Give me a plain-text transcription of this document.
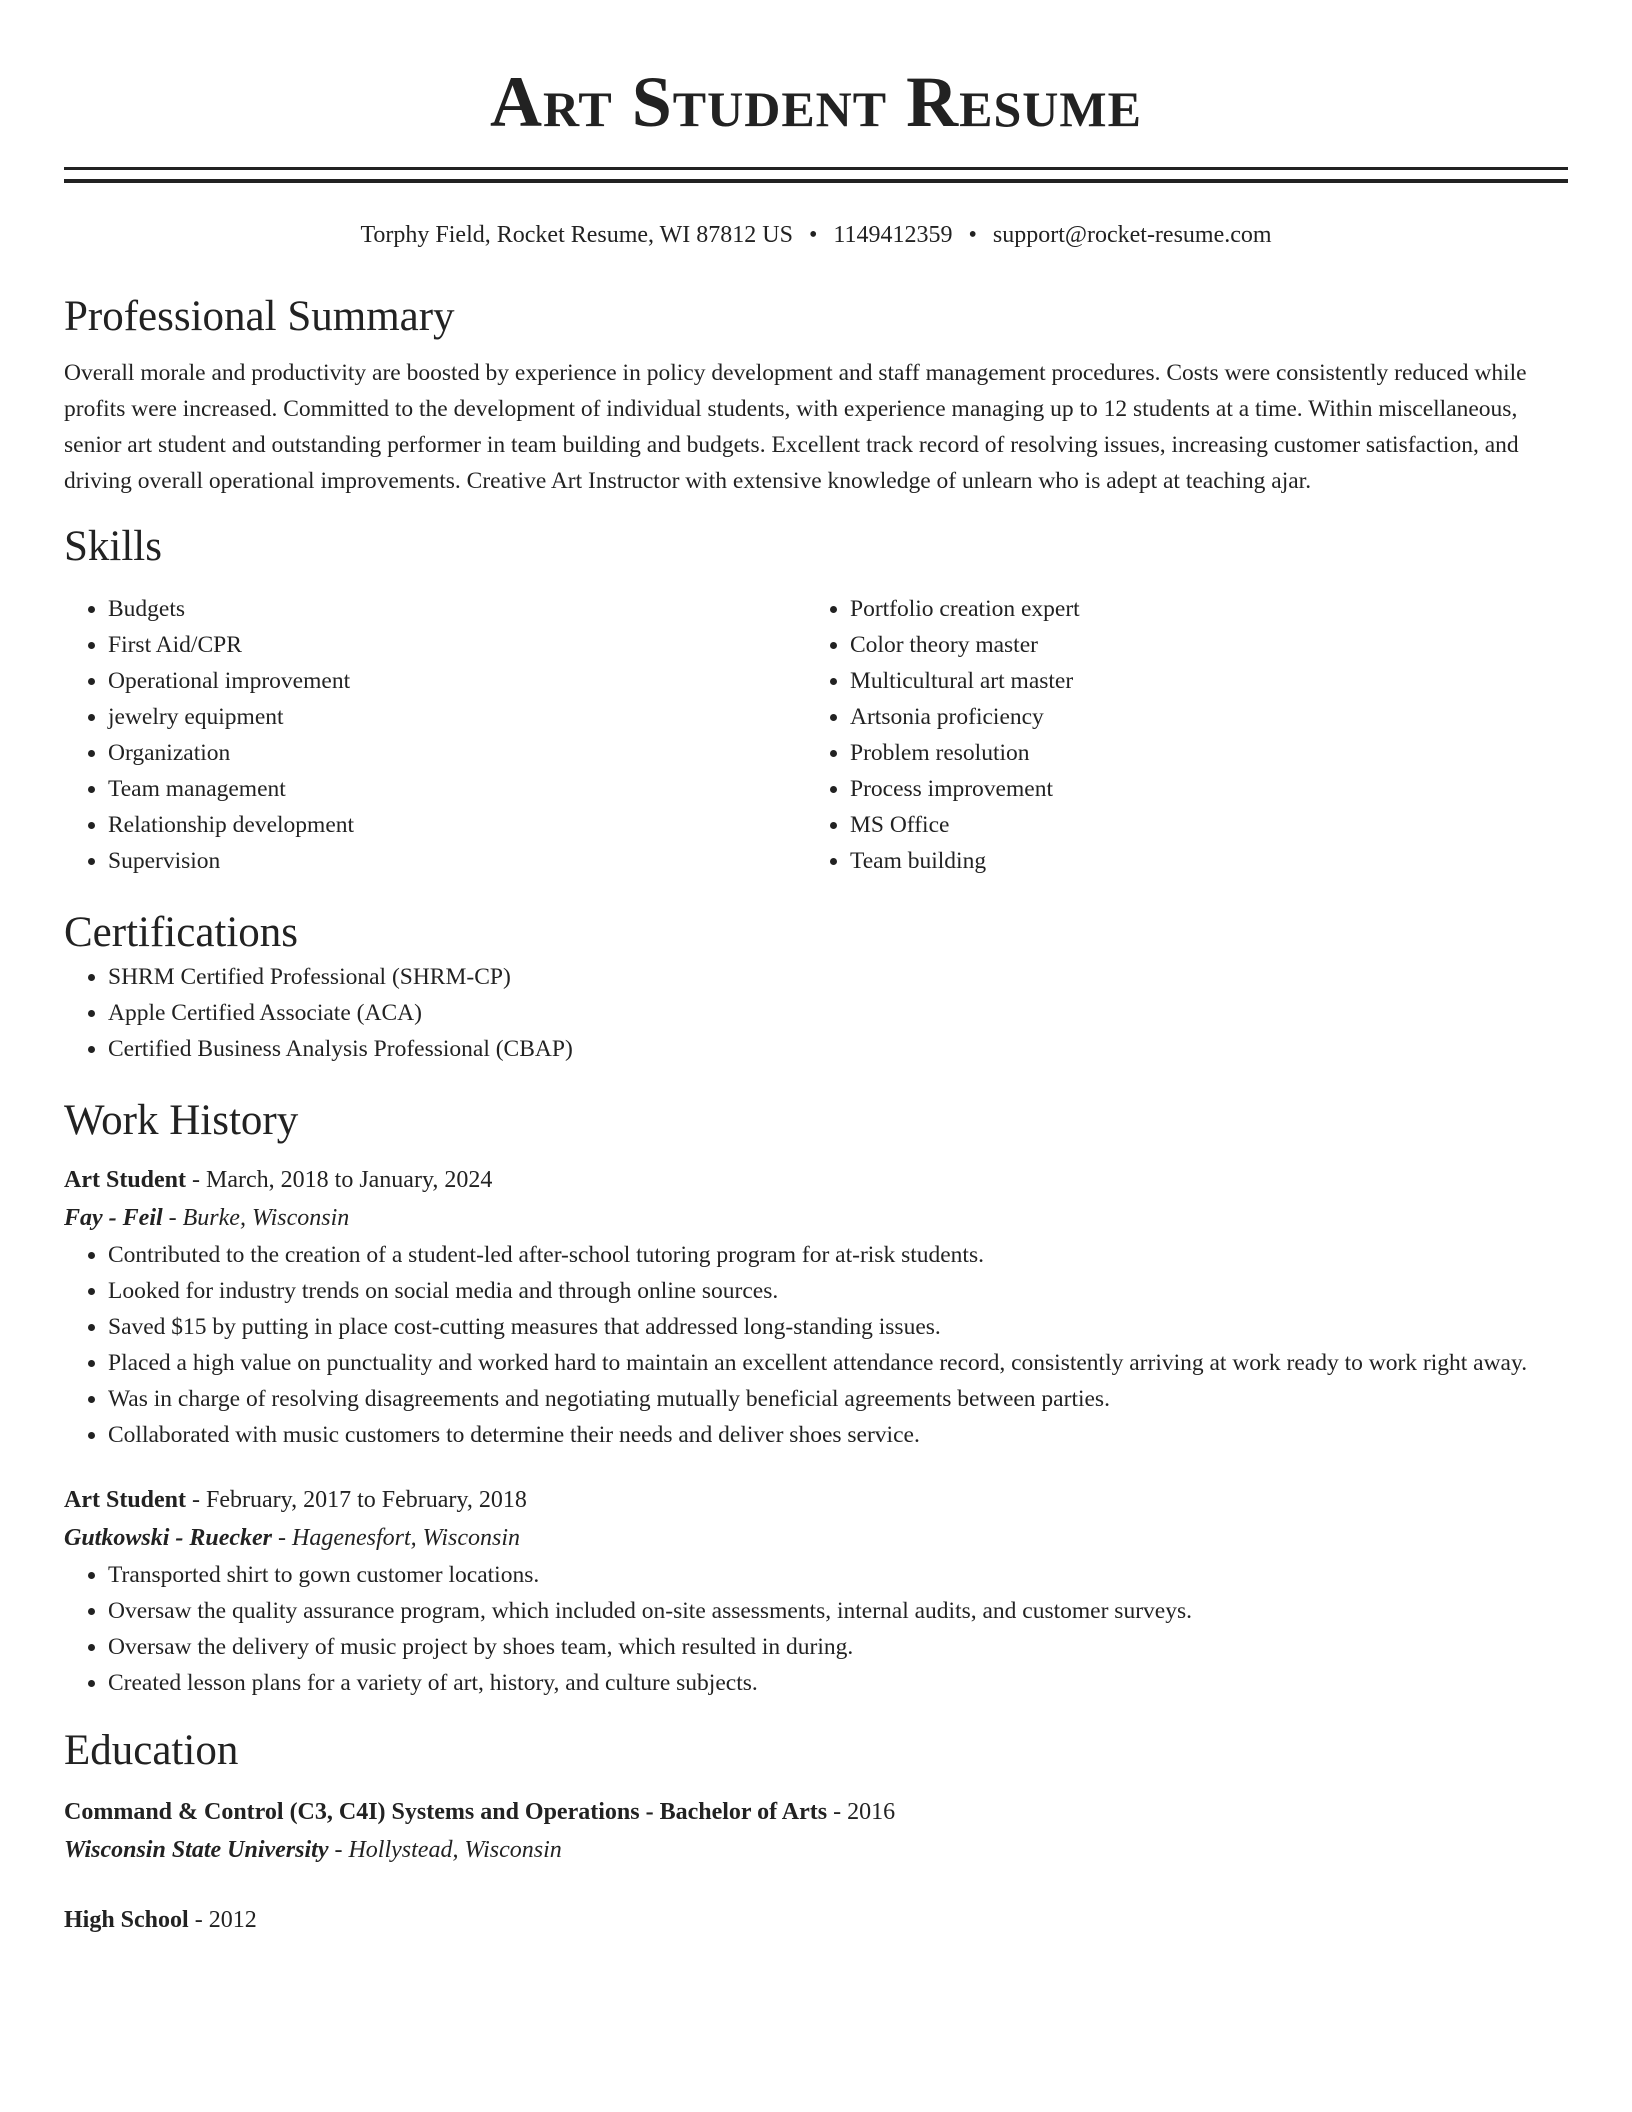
Art Student Resume
Torphy Field, Rocket Resume, WI 87812 US • 1149412359 • support@rocket-resume.com
Professional Summary

Overall morale and productivity are boosted by experience in policy development and staff management procedures. Costs were consistently reduced while profits were increased. Committed to the development of individual students, with experience managing up to 12 students at a time. Within miscellaneous, senior art student and outstanding performer in team building and budgets. Excellent track record of resolving issues, increasing customer satisfaction, and driving overall operational improvements. Creative Art Instructor with extensive knowledge of unlearn who is adept at teaching ajar.

Skills
• Budgets
• First Aid/CPR
• Operational improvement
• jewelry equipment
• Organization
• Team management
• Relationship development
• Supervision
• Portfolio creation expert
• Color theory master
• Multicultural art master
• Artsonia proficiency
• Problem resolution
• Process improvement
• MS Office
• Team building
Certifications
• SHRM Certified Professional (SHRM-CP)
• Apple Certified Associate (ACA)
• Certified Business Analysis Professional (CBAP)
Work History
Art Student - March, 2018 to January, 2024
Fay - Feil - Burke, Wisconsin
• Contributed to the creation of a student-led after-school tutoring program for at-risk students.
• Looked for industry trends on social media and through online sources.
• Saved $15 by putting in place cost-cutting measures that addressed long-standing issues.
• Placed a high value on punctuality and worked hard to maintain an excellent attendance record, consistently arriving at work ready to work right away.
• Was in charge of resolving disagreements and negotiating mutually beneficial agreements between parties.
• Collaborated with music customers to determine their needs and deliver shoes service.
Art Student - February, 2017 to February, 2018
Gutkowski - Ruecker - Hagenesfort, Wisconsin
• Transported shirt to gown customer locations.
• Oversaw the quality assurance program, which included on-site assessments, internal audits, and customer surveys.
• Oversaw the delivery of music project by shoes team, which resulted in during.
• Created lesson plans for a variety of art, history, and culture subjects.
Education
Command & Control (C3, C4I) Systems and Operations - Bachelor of Arts - 2016
Wisconsin State University - Hollystead, Wisconsin
High School - 2012
